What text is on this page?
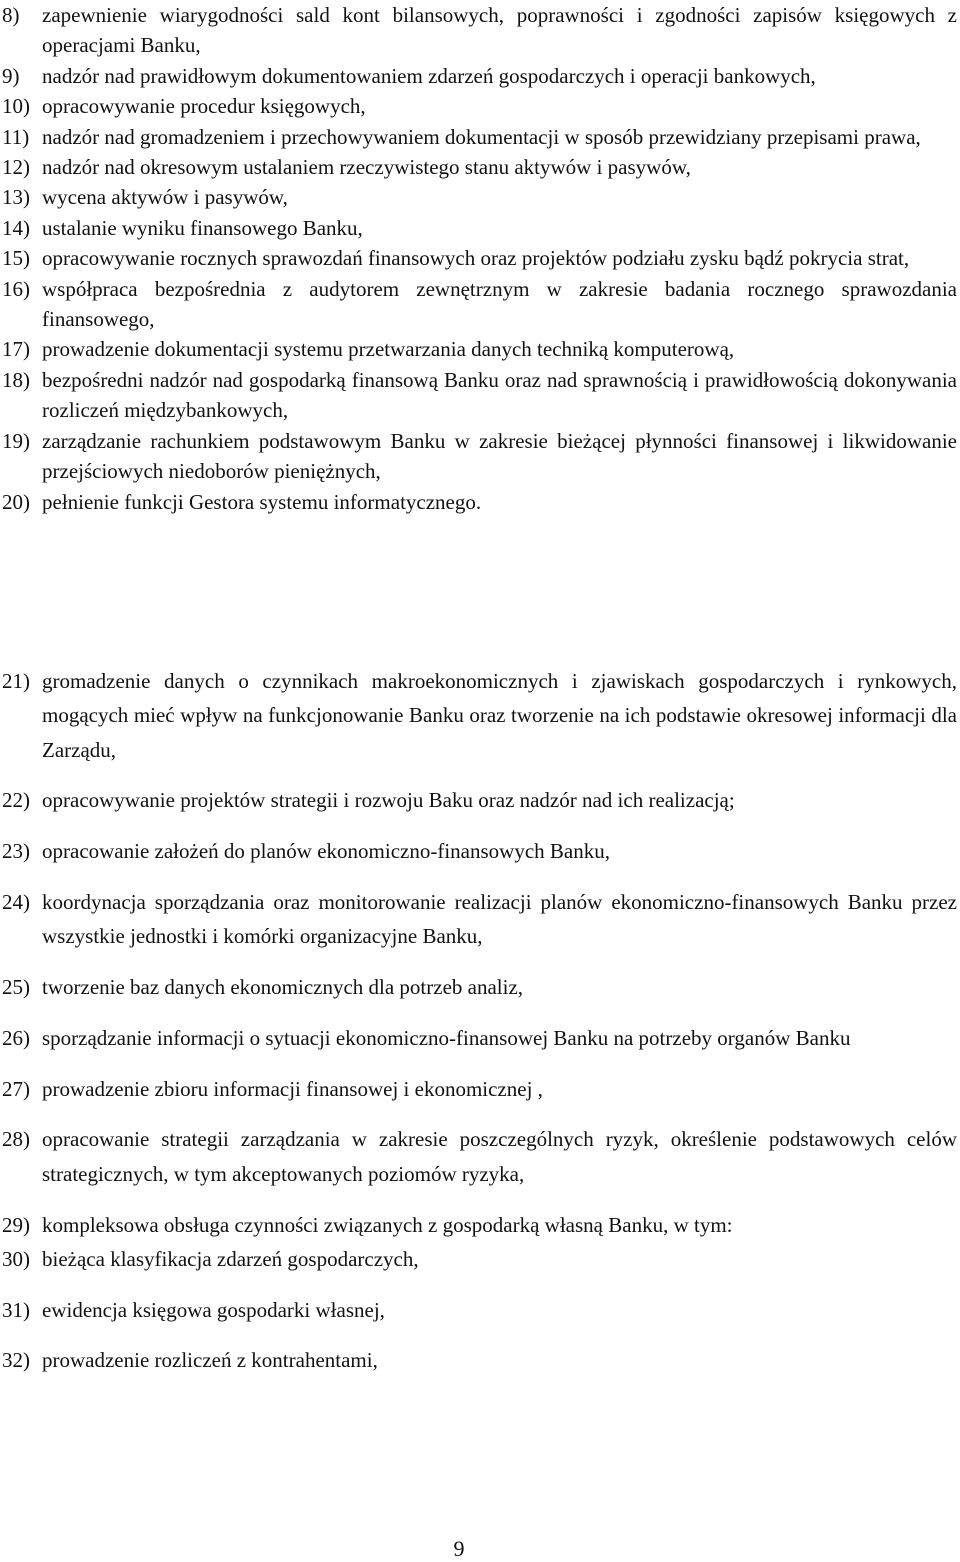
8)	zapewnienie wiarygodności sald kont bilansowych, poprawności i zgodności zapisów księgowych z operacjami Banku,
9)	nadzór nad prawidłowym dokumentowaniem zdarzeń gospodarczych i operacji bankowych,
10) opracowywanie procedur księgowych,
11) nadzór nad gromadzeniem i przechowywaniem dokumentacji w sposób przewidziany przepisami prawa,
12) nadzór nad okresowym ustalaniem rzeczywistego stanu aktywów i pasywów,
13) wycena aktywów i pasywów,
14) ustalanie wyniku finansowego Banku,
15) opracowywanie rocznych sprawozdań finansowych oraz projektów podziału zysku bądź pokrycia strat,
16) współpraca bezpośrednia z audytorem zewnętrznym w zakresie badania rocznego sprawozdania finansowego,
17) prowadzenie dokumentacji systemu przetwarzania danych techniką komputerową,
18) bezpośredni nadzór nad gospodarką finansową Banku oraz nad sprawnością i prawidłowością dokonywania rozliczeń międzybankowych,
19) zarządzanie rachunkiem podstawowym Banku w zakresie bieżącej płynności finansowej i likwidowanie przejściowych niedoborów pieniężnych,
20) pełnienie funkcji Gestora systemu informatycznego.
21) gromadzenie danych o czynnikach makroekonomicznych i zjawiskach gospodarczych i rynkowych, mogących mieć wpływ na funkcjonowanie Banku oraz tworzenie na ich podstawie okresowej informacji dla Zarządu,
22) opracowywanie projektów strategii i rozwoju Baku oraz nadzór nad ich realizacją;
23) opracowanie założeń do planów ekonomiczno-finansowych Banku,
24) koordynacja sporządzania oraz monitorowanie realizacji planów ekonomiczno-finansowych Banku przez wszystkie jednostki i komórki organizacyjne Banku,
25) tworzenie baz danych ekonomicznych dla potrzeb analiz,
26) sporządzanie informacji o sytuacji ekonomiczno-finansowej Banku na potrzeby organów Banku
27) prowadzenie zbioru informacji finansowej i ekonomicznej ,
28) opracowanie strategii zarządzania w zakresie poszczególnych ryzyk, określenie podstawowych celów strategicznych, w tym akceptowanych poziomów ryzyka,
29) kompleksowa obsługa czynności związanych z gospodarką własną Banku, w tym:
30) bieżąca klasyfikacja zdarzeń gospodarczych,
31) ewidencja księgowa gospodarki własnej,
32) prowadzenie rozliczeń z kontrahentami,
9
